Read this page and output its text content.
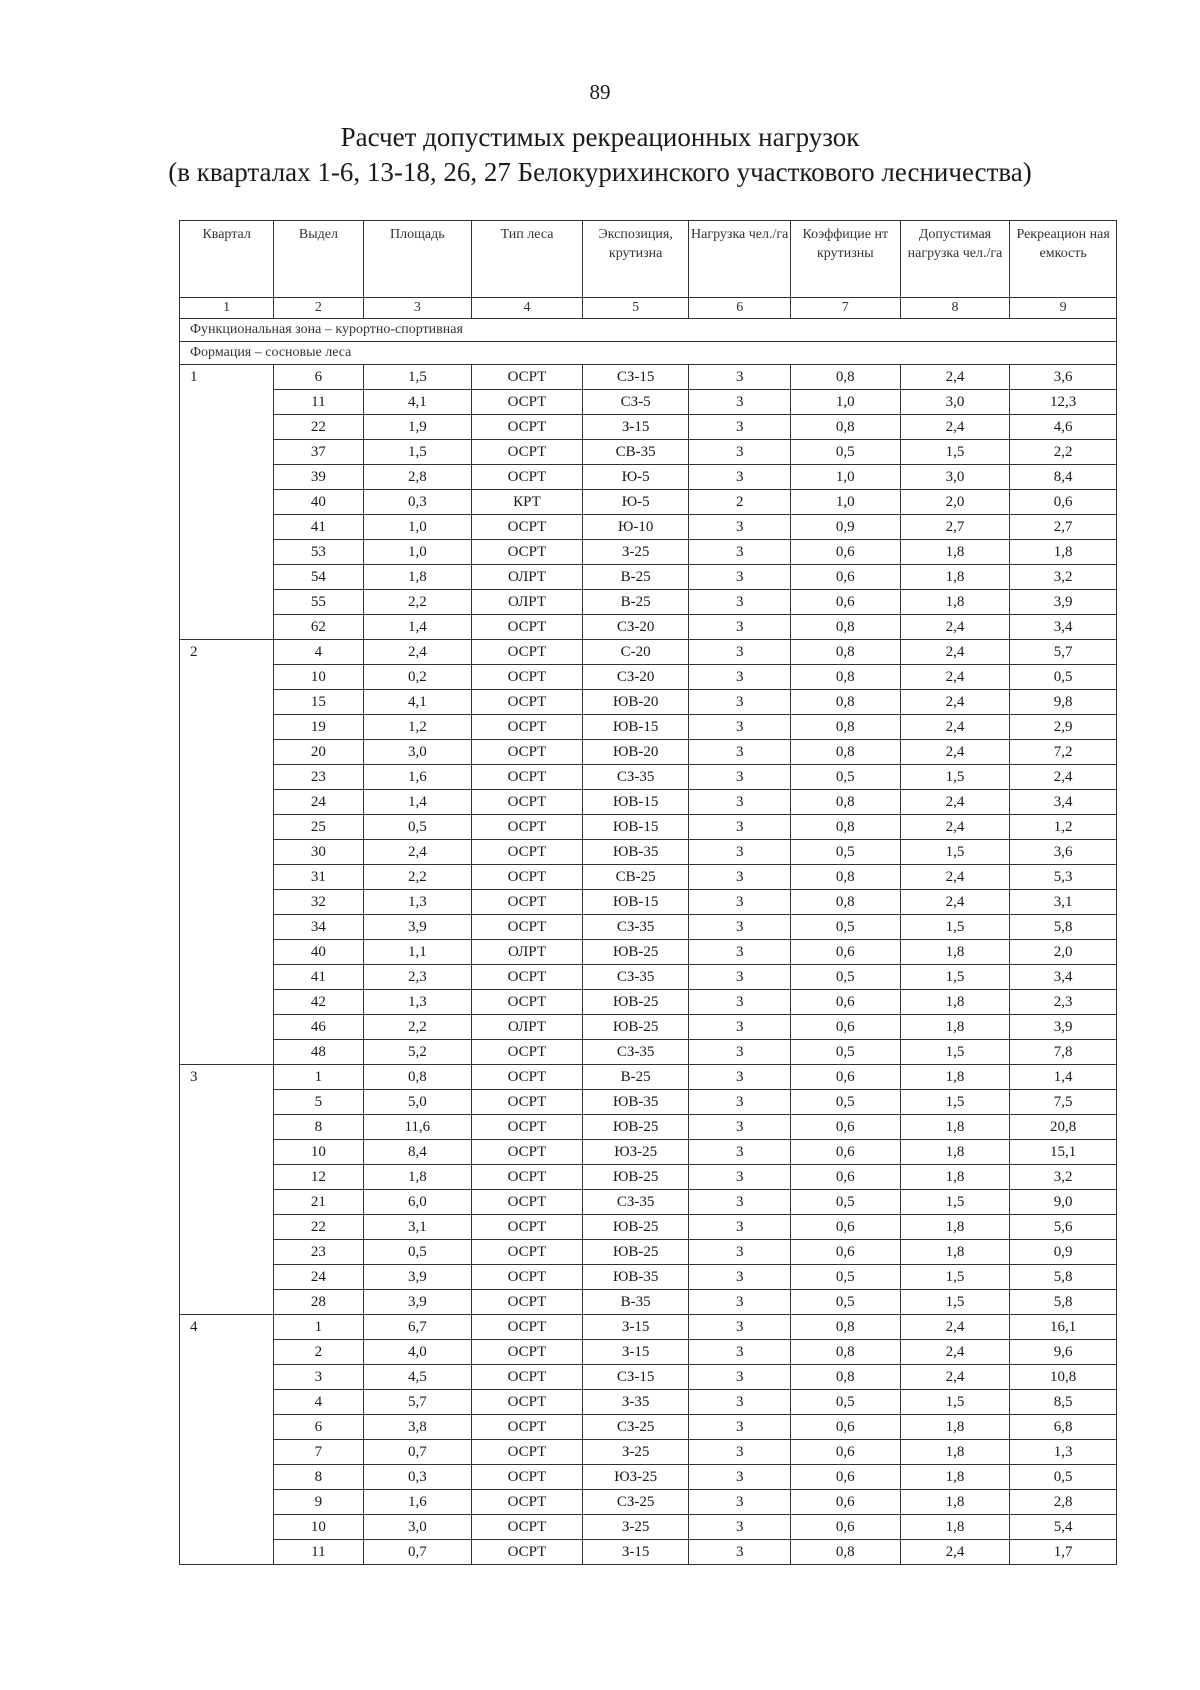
89
Расчет допустимых рекреационных нагрузок
(в кварталах 1-6, 13-18, 26, 27 Белокурихинского участкового лесничества)
Квартал	Выдел	Площадь	Тип леса	Экспозиция, крутизна	Нагрузка чел./га	Коэффицие нт крутизны	Допустимая нагрузка чел./га	Рекреацион ная емкость
1	2	3	4	5	6	7	8	9
Функциональная зона – курортно-спортивная								
Формация – сосновые леса								
1	6	1,5	ОСРТ	СЗ-15	3	0,8	2,4	3,6
	11	4,1	ОСРТ	СЗ-5	3	1,0	3,0	12,3
	22	1,9	ОСРТ	З-15	3	0,8	2,4	4,6
	37	1,5	ОСРТ	СВ-35	3	0,5	1,5	2,2
	39	2,8	ОСРТ	Ю-5	3	1,0	3,0	8,4
	40	0,3	КРТ	Ю-5	2	1,0	2,0	0,6
	41	1,0	ОСРТ	Ю-10	3	0,9	2,7	2,7
	53	1,0	ОСРТ	З-25	3	0,6	1,8	1,8
	54	1,8	ОЛРТ	В-25	3	0,6	1,8	3,2
	55	2,2	ОЛРТ	В-25	3	0,6	1,8	3,9
	62	1,4	ОСРТ	СЗ-20	3	0,8	2,4	3,4
2	4	2,4	ОСРТ	С-20	3	0,8	2,4	5,7
	10	0,2	ОСРТ	СЗ-20	3	0,8	2,4	0,5
	15	4,1	ОСРТ	ЮВ-20	3	0,8	2,4	9,8
	19	1,2	ОСРТ	ЮВ-15	3	0,8	2,4	2,9
	20	3,0	ОСРТ	ЮВ-20	3	0,8	2,4	7,2
	23	1,6	ОСРТ	СЗ-35	3	0,5	1,5	2,4
	24	1,4	ОСРТ	ЮВ-15	3	0,8	2,4	3,4
	25	0,5	ОСРТ	ЮВ-15	3	0,8	2,4	1,2
	30	2,4	ОСРТ	ЮВ-35	3	0,5	1,5	3,6
	31	2,2	ОСРТ	СВ-25	3	0,8	2,4	5,3
	32	1,3	ОСРТ	ЮВ-15	3	0,8	2,4	3,1
	34	3,9	ОСРТ	СЗ-35	3	0,5	1,5	5,8
	40	1,1	ОЛРТ	ЮВ-25	3	0,6	1,8	2,0
	41	2,3	ОСРТ	СЗ-35	3	0,5	1,5	3,4
	42	1,3	ОСРТ	ЮВ-25	3	0,6	1,8	2,3
	46	2,2	ОЛРТ	ЮВ-25	3	0,6	1,8	3,9
	48	5,2	ОСРТ	СЗ-35	3	0,5	1,5	7,8
3	1	0,8	ОСРТ	В-25	3	0,6	1,8	1,4
	5	5,0	ОСРТ	ЮВ-35	3	0,5	1,5	7,5
	8	11,6	ОСРТ	ЮВ-25	3	0,6	1,8	20,8
	10	8,4	ОСРТ	ЮЗ-25	3	0,6	1,8	15,1
	12	1,8	ОСРТ	ЮВ-25	3	0,6	1,8	3,2
	21	6,0	ОСРТ	СЗ-35	3	0,5	1,5	9,0
	22	3,1	ОСРТ	ЮВ-25	3	0,6	1,8	5,6
	23	0,5	ОСРТ	ЮВ-25	3	0,6	1,8	0,9
	24	3,9	ОСРТ	ЮВ-35	3	0,5	1,5	5,8
	28	3,9	ОСРТ	В-35	3	0,5	1,5	5,8
4	1	6,7	ОСРТ	З-15	3	0,8	2,4	16,1
	2	4,0	ОСРТ	З-15	3	0,8	2,4	9,6
	3	4,5	ОСРТ	СЗ-15	3	0,8	2,4	10,8
	4	5,7	ОСРТ	З-35	3	0,5	1,5	8,5
	6	3,8	ОСРТ	СЗ-25	3	0,6	1,8	6,8
	7	0,7	ОСРТ	З-25	3	0,6	1,8	1,3
	8	0,3	ОСРТ	ЮЗ-25	3	0,6	1,8	0,5
	9	1,6	ОСРТ	СЗ-25	3	0,6	1,8	2,8
	10	3,0	ОСРТ	З-25	3	0,6	1,8	5,4
	11	0,7	ОСРТ	З-15	3	0,8	2,4	1,7
